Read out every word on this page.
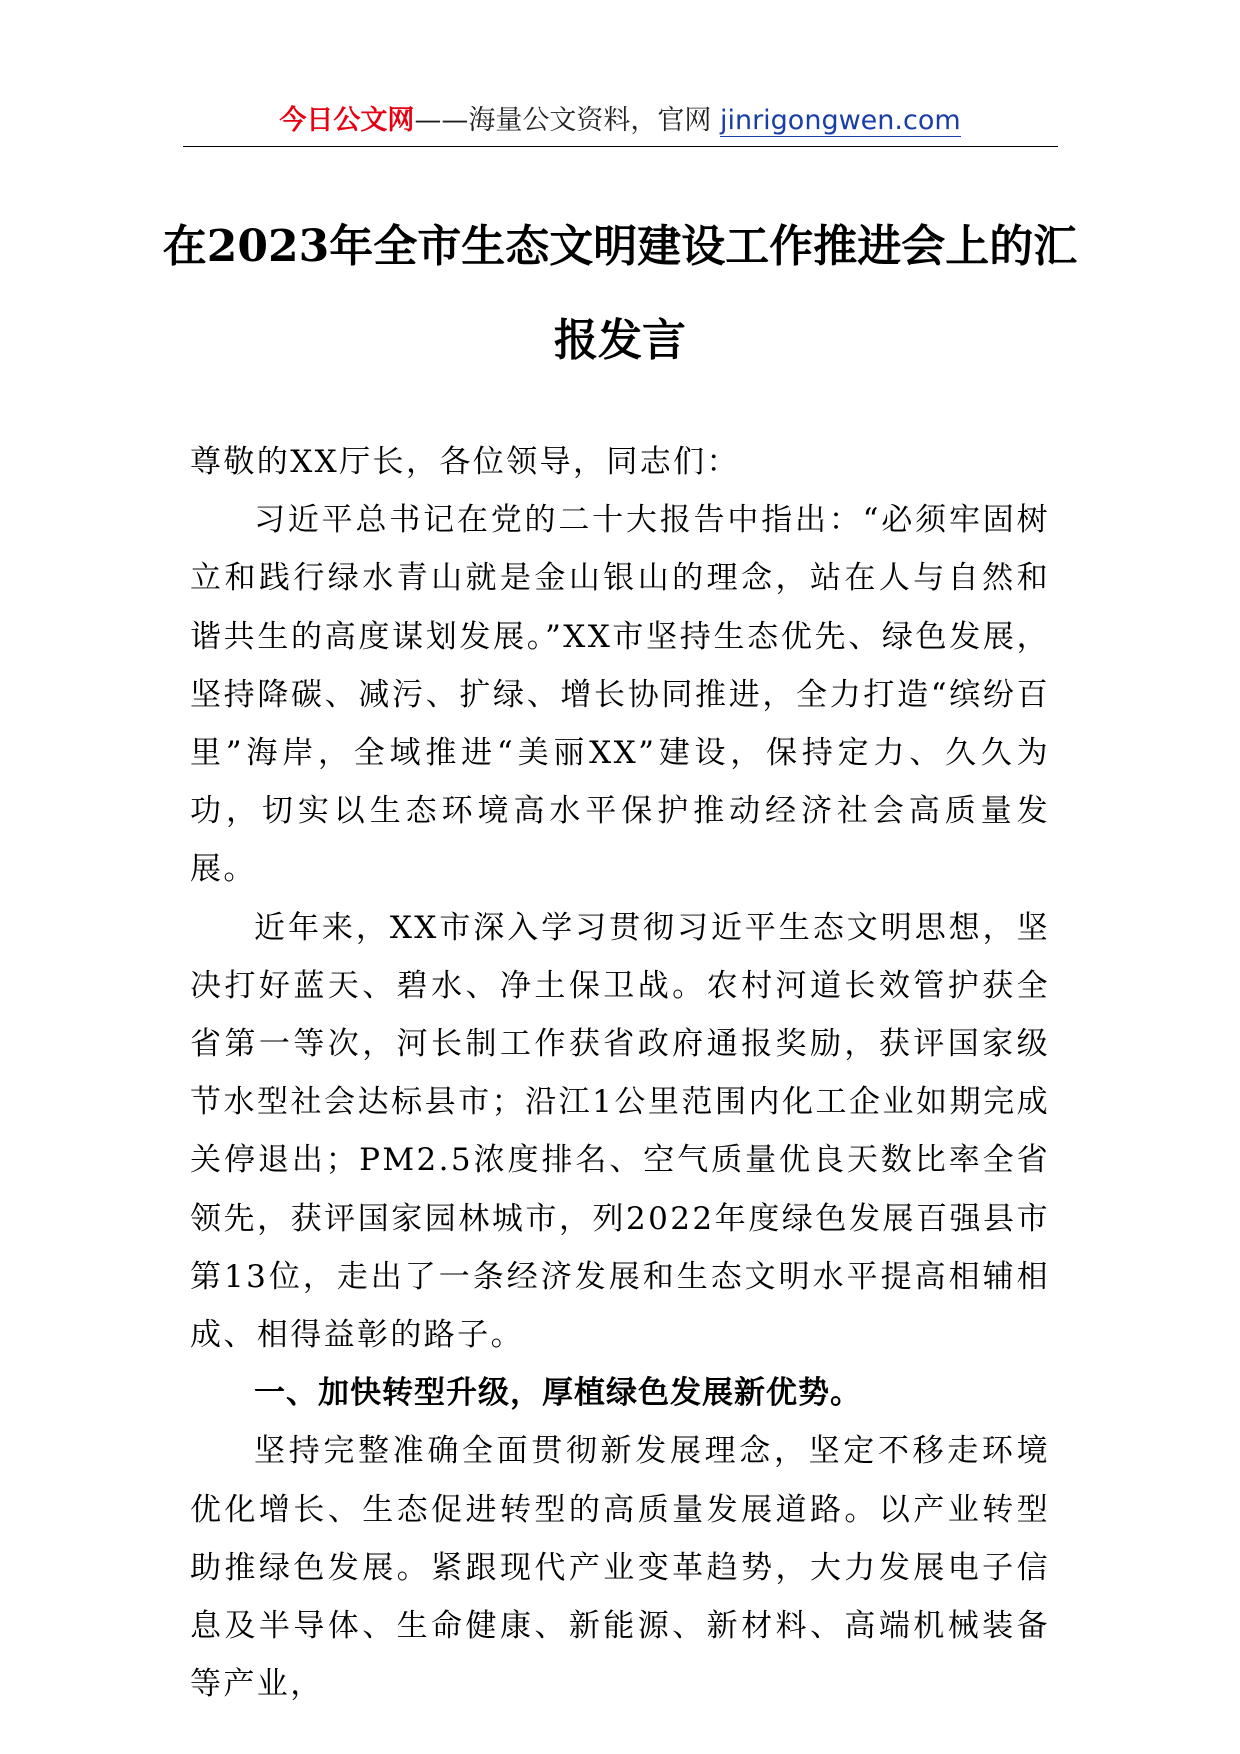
今日公文网——海量公文资料，官网 jinrigongwen.com
在2023年全市生态文明建设工作推进会上的汇报发言

尊敬的XX厅长，各位领导，同志们：

习近平总书记在党的二十大报告中指出：“必须牢固树立和践行绿水青山就是金山银山的理念，站在人与自然和谐共生的高度谋划发展。”XX市坚持生态优先、绿色发展，坚持降碳、减污、扩绿、增长协同推进，全力打造“缤纷百里”海岸，全域推进“美丽XX”建设，保持定力、久久为功，切实以生态环境高水平保护推动经济社会高质量发展。

近年来，XX市深入学习贯彻习近平生态文明思想，坚决打好蓝天、碧水、净土保卫战。农村河道长效管护获全省第一等次，河长制工作获省政府通报奖励，获评国家级节水型社会达标县市；沿江1公里范围内化工企业如期完成关停退出；PM2.5浓度排名、空气质量优良天数比率全省领先，获评国家园林城市，列2022年度绿色发展百强县市第13位，走出了一条经济发展和生态文明水平提高相辅相成、相得益彰的路子。

一、加快转型升级，厚植绿色发展新优势。

坚持完整准确全面贯彻新发展理念，坚定不移走环境优化增长、生态促进转型的高质量发展道路。以产业转型助推绿色发展。紧跟现代产业变革趋势，大力发展电子信息及半导体、生命健康、新能源、新材料、高端机械装备等产业，
